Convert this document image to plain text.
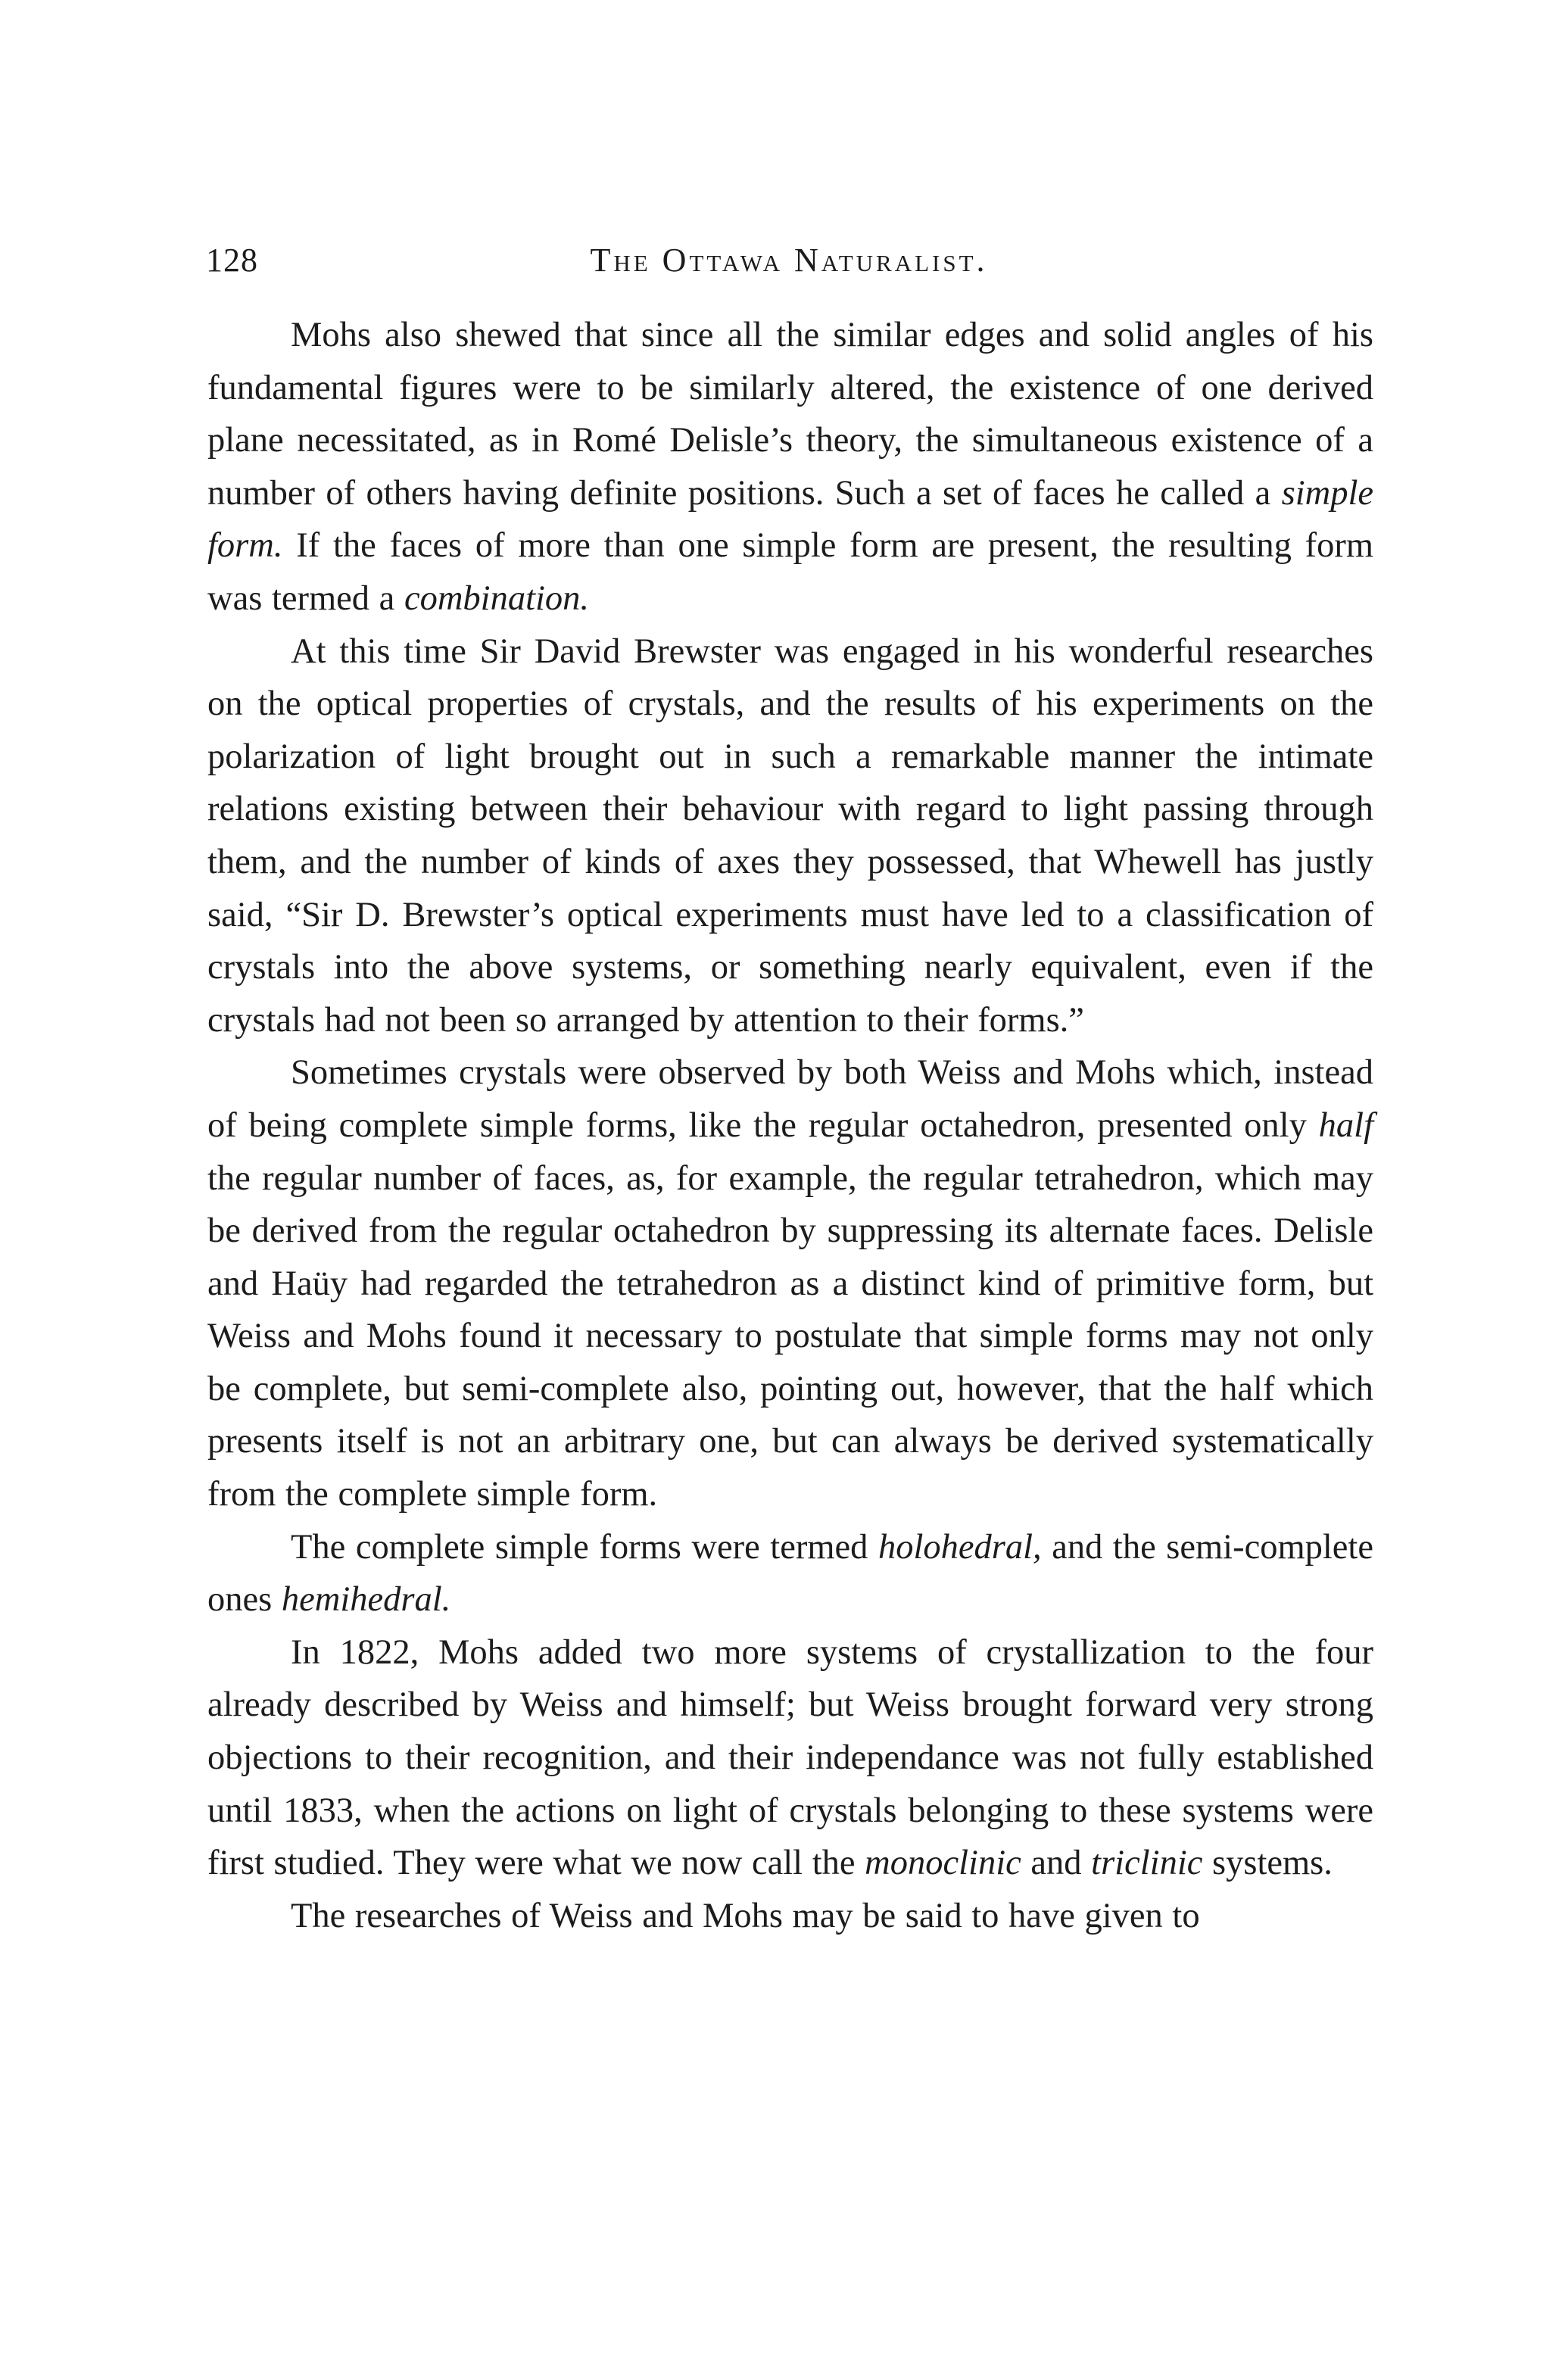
128	The Ottawa Naturalist.

Mohs also shewed that since all the similar edges and solid angles of his fundamental figures were to be similarly altered, the existence of one derived plane necessitated, as in Romé Delisle’s theory, the simultaneous existence of a number of others having definite positions. Such a set of faces he called a simple form. If the faces of more than one simple form are present, the resulting form was termed a combination.

At this time Sir David Brewster was engaged in his wonderful researches on the optical properties of crystals, and the results of his experiments on the polarization of light brought out in such a remarkable manner the intimate relations existing between their behaviour with regard to light passing through them, and the number of kinds of axes they possessed, that Whewell has justly said, “Sir D. Brewster’s optical experiments must have led to a classification of crystals into the above systems, or something nearly equivalent, even if the crystals had not been so arranged by attention to their forms.”

Sometimes crystals were observed by both Weiss and Mohs which, instead of being complete simple forms, like the regular octahedron, presented only half the regular number of faces, as, for example, the regular tetrahedron, which may be derived from the regular octahedron by suppressing its alternate faces. Delisle and Haüy had regarded the tetrahedron as a distinct kind of primitive form, but Weiss and Mohs found it necessary to postulate that simple forms may not only be complete, but semi-complete also, pointing out, however, that the half which presents itself is not an arbitrary one, but can always be derived systematically from the complete simple form.

The complete simple forms were termed holohedral, and the semi-complete ones hemihedral.

In 1822, Mohs added two more systems of crystallization to the four already described by Weiss and himself; but Weiss brought forward very strong objections to their recognition, and their independance was not fully established until 1833, when the actions on light of crystals belonging to these systems were first studied. They were what we now call the monoclinic and triclinic systems.

The researches of Weiss and Mohs may be said to have given to
